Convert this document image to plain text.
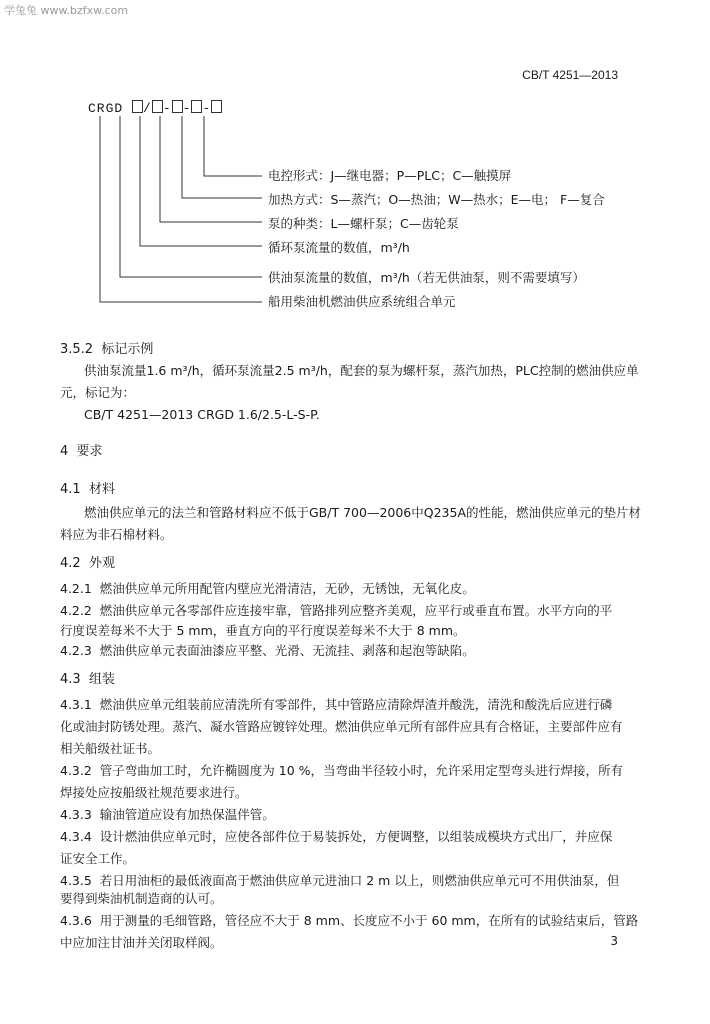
学兔兔 www.bzfxw.com
CB/T 4251—2013
CRGD / - - -
电控形式：J—继电器；P—PLC；C—触摸屏
加热方式：S—蒸汽；O—热油；W—热水；E—电； F—复合
泵的种类：L—螺杆泵；C—齿轮泵
循环泵流量的数值，m³/h
供油泵流量的数值，m³/h（若无供油泵，则不需要填写）
船用柴油机燃油供应系统组合单元
3.5.2 标记示例
供油泵流量1.6 m³/h，循环泵流量2.5 m³/h，配套的泵为螺杆泵，蒸汽加热，PLC控制的燃油供应单
元，标记为：
CB/T 4251—2013 CRGD 1.6/2.5-L-S-P.
4 要求
4.1 材料
燃油供应单元的法兰和管路材料应不低于GB/T 700—2006中Q235A的性能，燃油供应单元的垫片材
料应为非石棉材料。
4.2 外观
4.2.1 燃油供应单元所用配管内壁应光滑清洁，无砂，无锈蚀，无氧化皮。
4.2.2 燃油供应单元各零部件应连接牢靠，管路排列应整齐美观，应平行或垂直布置。水平方向的平
行度误差每米不大于 5 mm，垂直方向的平行度误差每米不大于 8 mm。
4.2.3 燃油供应单元表面油漆应平整、光滑、无流挂、剥落和起泡等缺陷。
4.3 组装
4.3.1 燃油供应单元组装前应清洗所有零部件，其中管路应清除焊渣并酸洗，清洗和酸洗后应进行磷
化或油封防锈处理。蒸汽、凝水管路应镀锌处理。燃油供应单元所有部件应具有合格证，主要部件应有
相关船级社证书。
4.3.2 管子弯曲加工时，允许椭圆度为 10 %，当弯曲半径较小时，允许采用定型弯头进行焊接，所有
焊接处应按船级社规范要求进行。
4.3.3 输油管道应设有加热保温伴管。
4.3.4 设计燃油供应单元时，应使各部件位于易装拆处，方便调整，以组装成模块方式出厂，并应保
证安全工作。
4.3.5 若日用油柜的最低液面高于燃油供应单元进油口 2 m 以上，则燃油供应单元可不用供油泵，但
要得到柴油机制造商的认可。
4.3.6 用于测量的毛细管路，管径应不大于 8 mm、长度应不小于 60 mm，在所有的试验结束后，管路
中应加注甘油并关闭取样阀。	3
